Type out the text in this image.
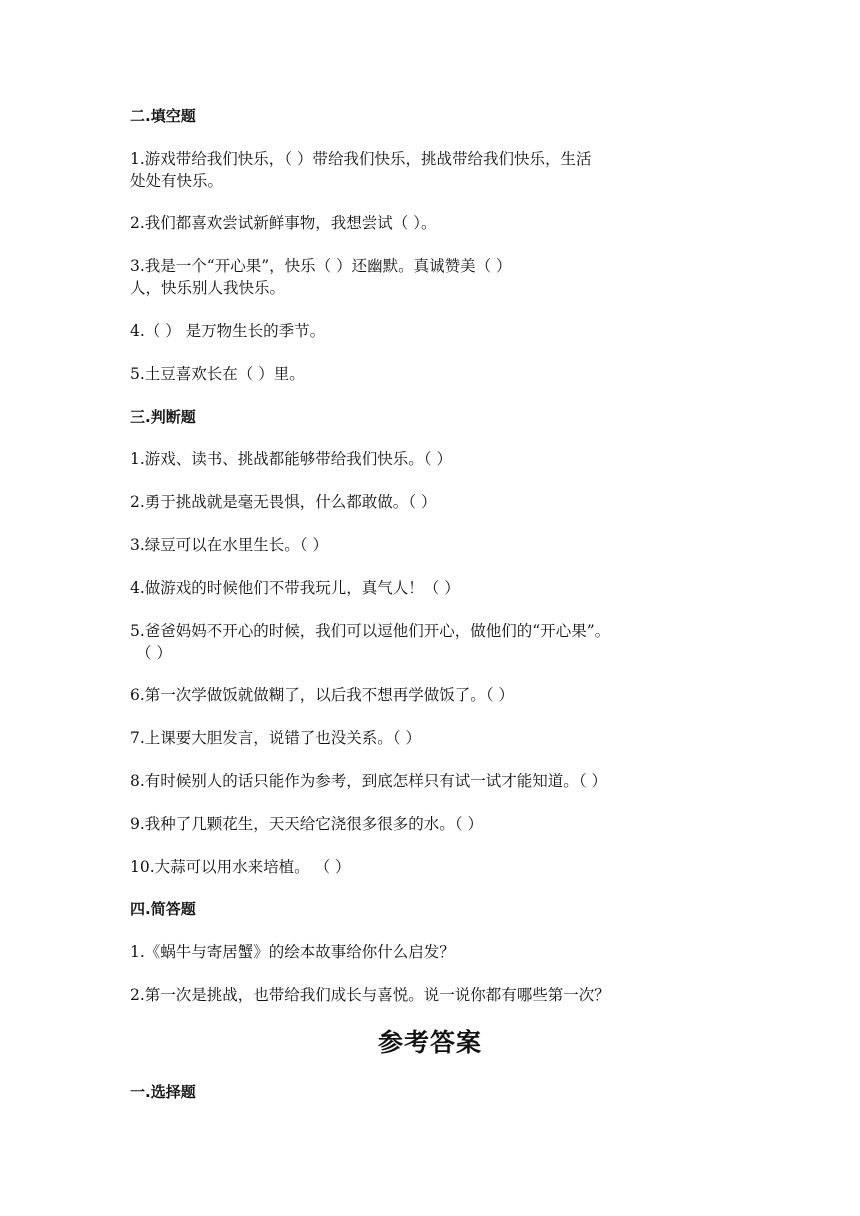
二.填空题
1.游戏带给我们快乐，（ ）带给我们快乐，挑战带给我们快乐，生活
处处有快乐。
2.我们都喜欢尝试新鲜事物，我想尝试（ ）。
3.我是一个“开心果”，快乐（ ）还幽默。真诚赞美（ ）
人，快乐别人我快乐。
4.（ ） 是万物生长的季节。
5.土豆喜欢长在（ ）里。
三.判断题
1.游戏、读书、挑战都能够带给我们快乐。（ ）
2.勇于挑战就是毫无畏惧，什么都敢做。（ ）
3.绿豆可以在水里生长。（ ）
4.做游戏的时候他们不带我玩儿，真气人！（ ）
5.爸爸妈妈不开心的时候，我们可以逗他们开心，做他们的“开心果”。
（ ）
6.第一次学做饭就做糊了，以后我不想再学做饭了。（ ）
7.上课要大胆发言，说错了也没关系。（ ）
8.有时候别人的话只能作为参考，到底怎样只有试一试才能知道。（ ）
9.我种了几颗花生，天天给它浇很多很多的水。（ ）
10.大蒜可以用水来培植。 （ ）
四.简答题
1.《蜗牛与寄居蟹》的绘本故事给你什么启发？
2.第一次是挑战，也带给我们成长与喜悦。说一说你都有哪些第一次？
参考答案
一.选择题
